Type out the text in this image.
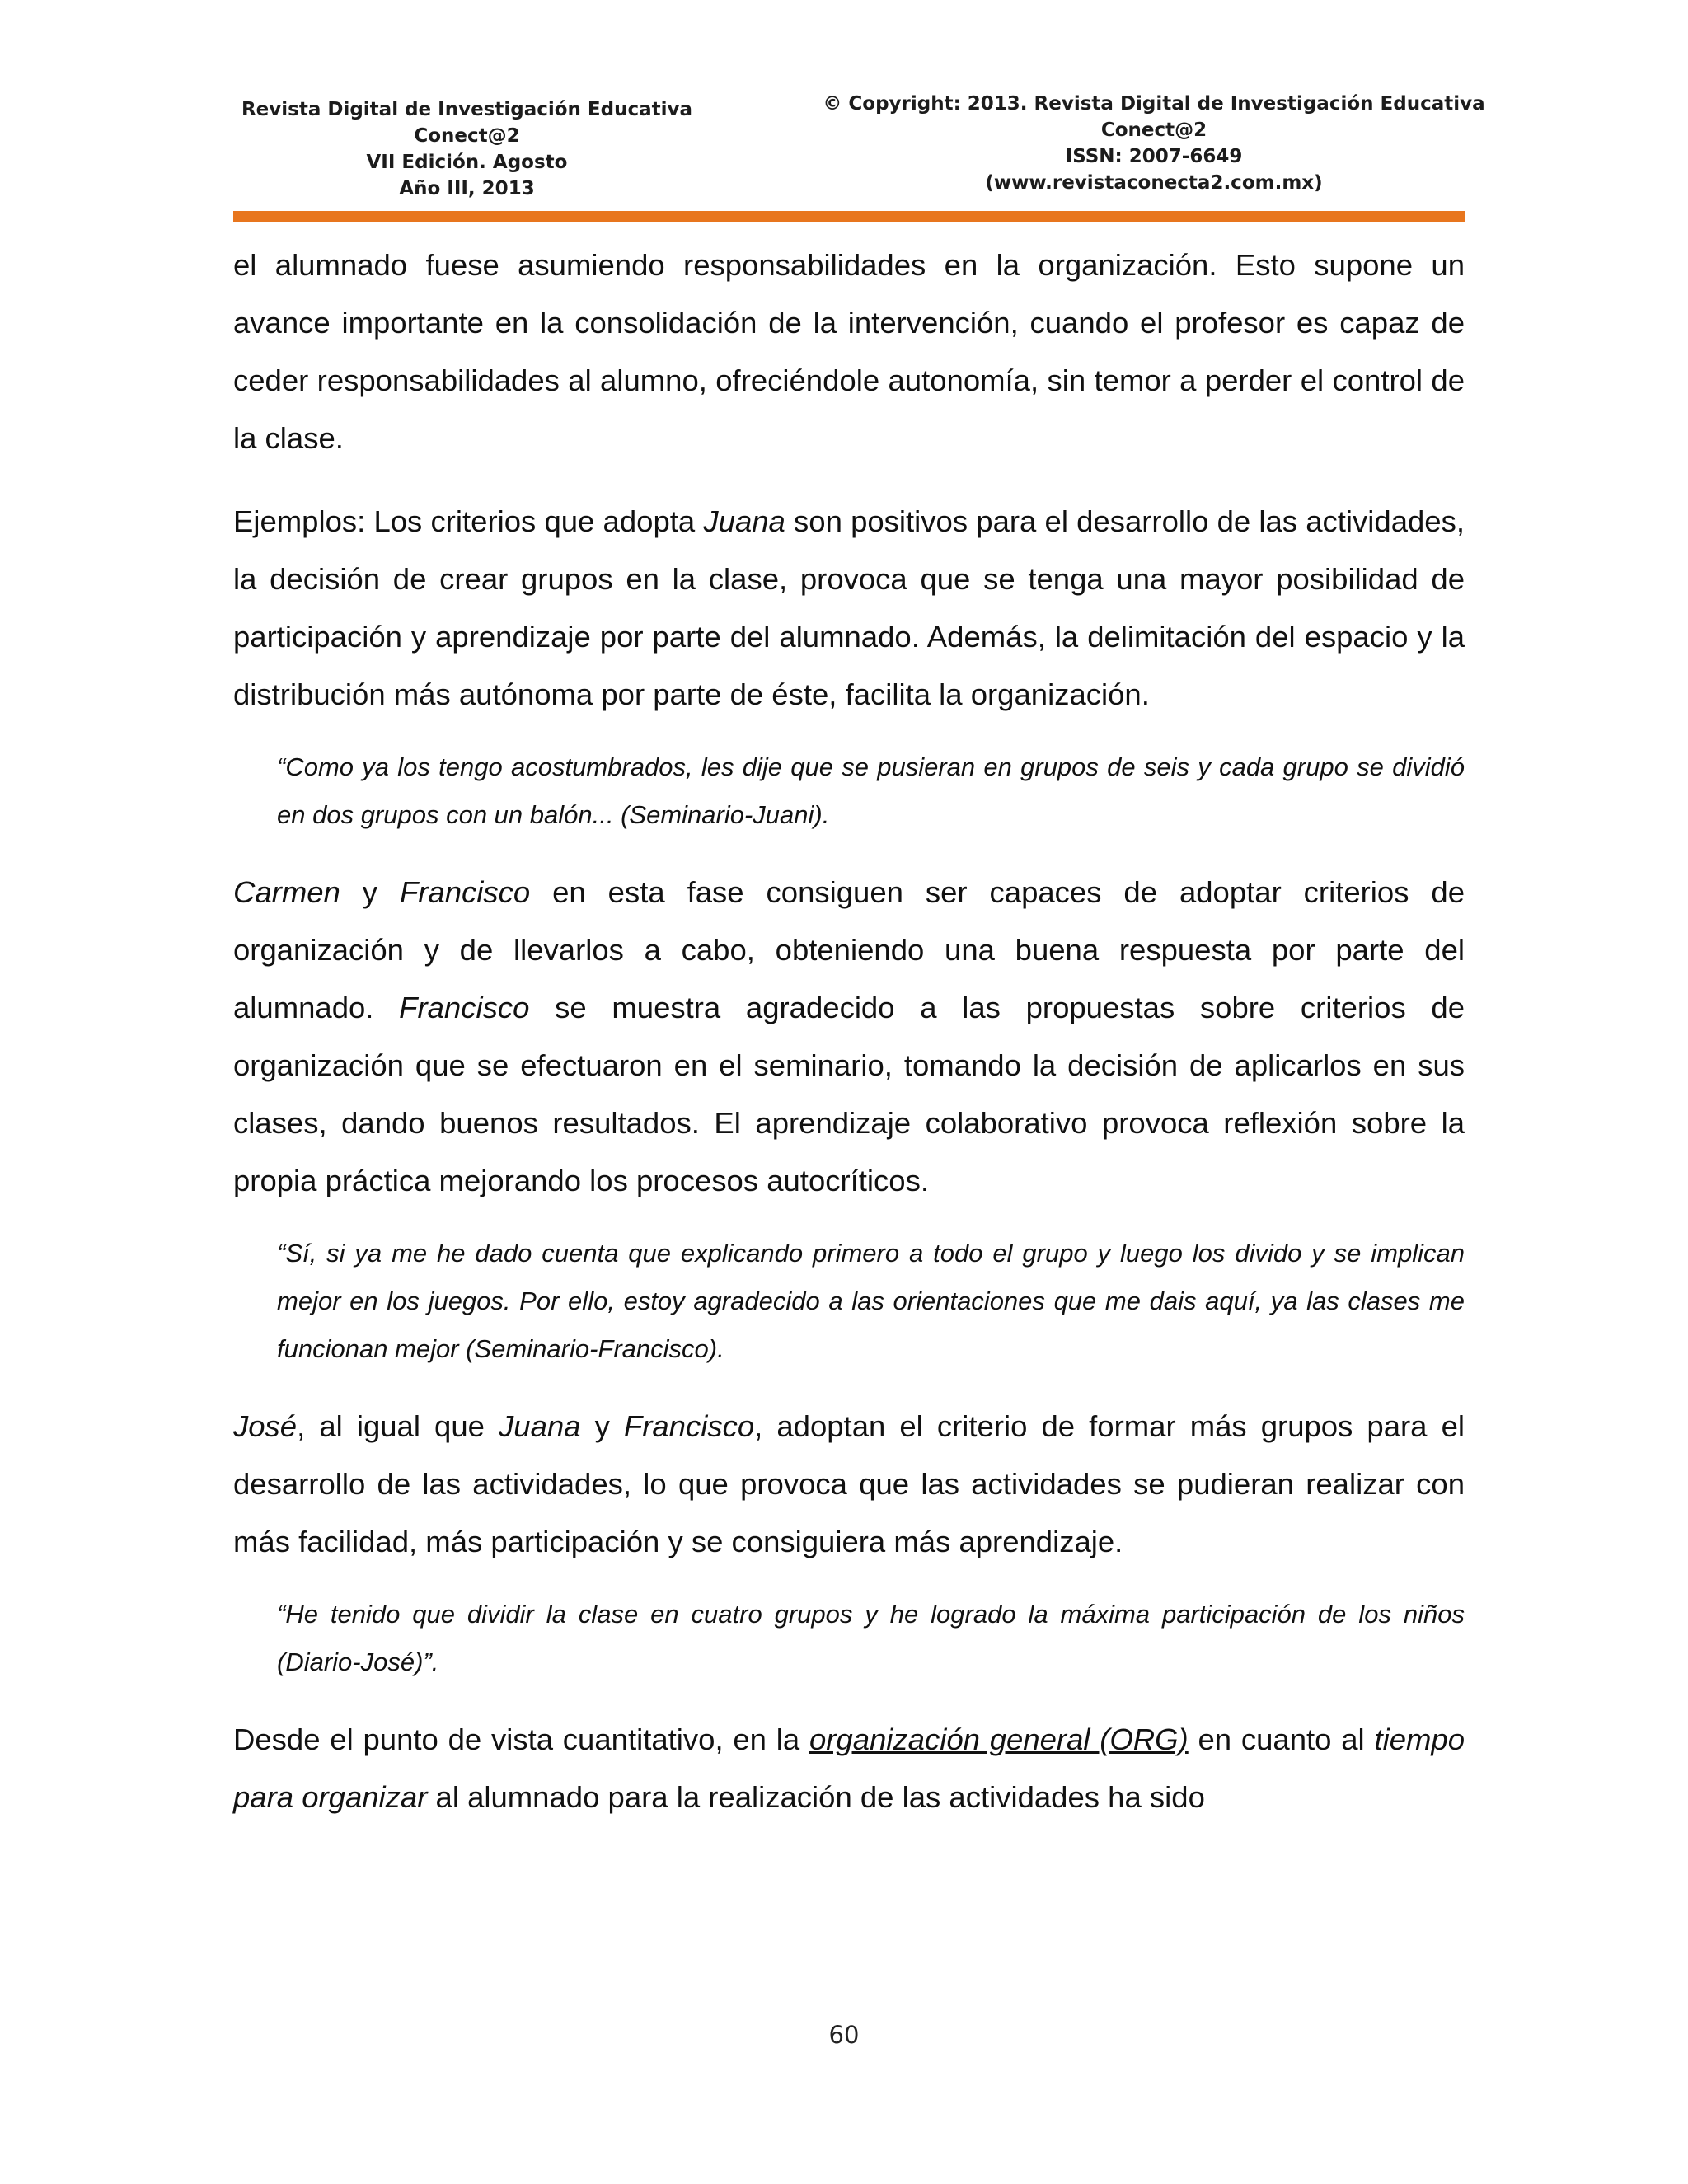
Revista Digital de Investigación Educativa
Conect@2
VII Edición. Agosto
Año III, 2013
© Copyright: 2013. Revista Digital de Investigación Educativa
Conect@2
ISSN: 2007-6649
(www.revistaconecta2.com.mx)

el alumnado fuese asumiendo responsabilidades en la organización. Esto supone un avance importante en la consolidación de la intervención, cuando el profesor es capaz de ceder responsabilidades al alumno, ofreciéndole autonomía, sin temor a perder el control de la clase.

Ejemplos: Los criterios que adopta Juana son positivos para el desarrollo de las actividades, la decisión de crear grupos en la clase, provoca que se tenga una mayor posibilidad de participación y aprendizaje por parte del alumnado. Además, la delimitación del espacio y la distribución más autónoma por parte de éste, facilita la organización.

“Como ya los tengo acostumbrados, les dije que se pusieran en grupos de seis y cada grupo se dividió en dos grupos con un balón... (Seminario-Juani).

Carmen y Francisco en esta fase consiguen ser capaces de adoptar criterios de organización y de llevarlos a cabo, obteniendo una buena respuesta por parte del alumnado. Francisco se muestra agradecido a las propuestas sobre criterios de organización que se efectuaron en el seminario, tomando la decisión de aplicarlos en sus clases, dando buenos resultados. El aprendizaje colaborativo provoca reflexión sobre la propia práctica mejorando los procesos autocríticos.

“Sí, si ya me he dado cuenta que explicando primero a todo el grupo y luego los divido y se implican mejor en los juegos. Por ello, estoy agradecido a las orientaciones que me dais aquí, ya las clases me funcionan mejor (Seminario-Francisco).

José, al igual que Juana y Francisco, adoptan el criterio de formar más grupos para el desarrollo de las actividades, lo que provoca que las actividades se pudieran realizar con más facilidad, más participación y se consiguiera más aprendizaje.

“He tenido que dividir la clase en cuatro grupos y he logrado la máxima participación de los niños (Diario-José)”.

Desde el punto de vista cuantitativo, en la organización general (ORG) en cuanto al tiempo para organizar al alumnado para la realización de las actividades ha sido

60
